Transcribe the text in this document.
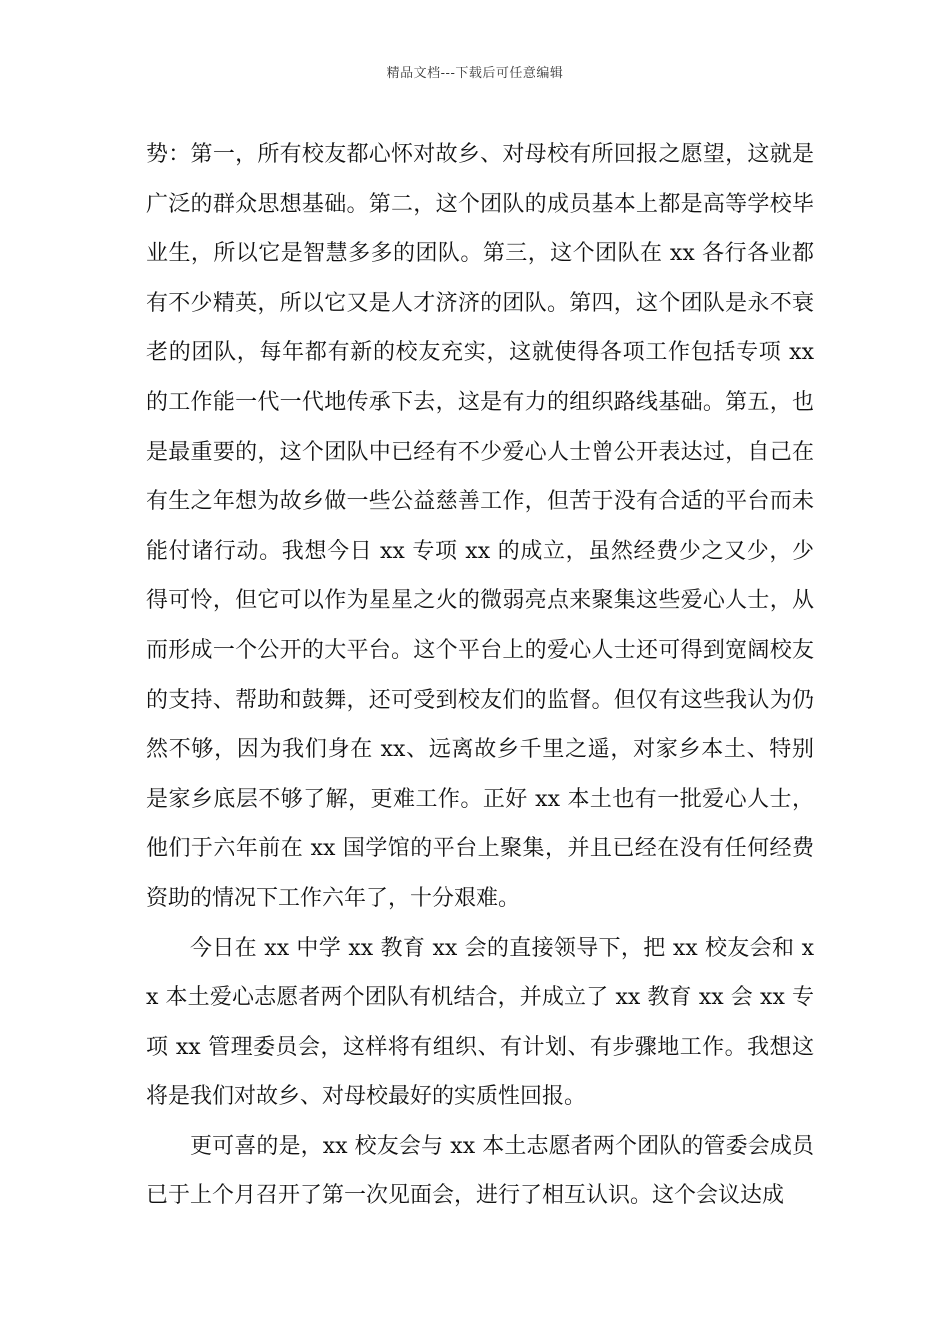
精品文档---下载后可任意编辑

势：第一，所有校友都心怀对故乡、对母校有所回报之愿望，这就是广泛的群众思想基础。第二，这个团队的成员基本上都是高等学校毕业生，所以它是智慧多多的团队。第三，这个团队在 xx 各行各业都有不少精英，所以它又是人才济济的团队。第四，这个团队是永不衰老的团队，每年都有新的校友充实，这就使得各项工作包括专项 xx 的工作能一代一代地传承下去，这是有力的组织路线基础。第五，也是最重要的，这个团队中已经有不少爱心人士曾公开表达过，自己在有生之年想为故乡做一些公益慈善工作，但苦于没有合适的平台而未能付诸行动。我想今日 xx 专项 xx 的成立，虽然经费少之又少，少得可怜，但它可以作为星星之火的微弱亮点来聚集这些爱心人士，从而形成一个公开的大平台。这个平台上的爱心人士还可得到宽阔校友的支持、帮助和鼓舞，还可受到校友们的监督。但仅有这些我认为仍然不够，因为我们身在 xx、远离故乡千里之遥，对家乡本土、特别是家乡底层不够了解，更难工作。正好 xx 本土也有一批爱心人士，他们于六年前在 xx 国学馆的平台上聚集，并且已经在没有任何经费资助的情况下工作六年了，十分艰难。

今日在 xx 中学 xx 教育 xx 会的直接领导下，把 xx 校友会和 xx 本土爱心志愿者两个团队有机结合，并成立了 xx 教育 xx 会 xx 专项 xx 管理委员会，这样将有组织、有计划、有步骤地工作。我想这将是我们对故乡、对母校最好的实质性回报。

更可喜的是，xx 校友会与 xx 本土志愿者两个团队的管委会成员已于上个月召开了第一次见面会，进行了相互认识。这个会议达成
